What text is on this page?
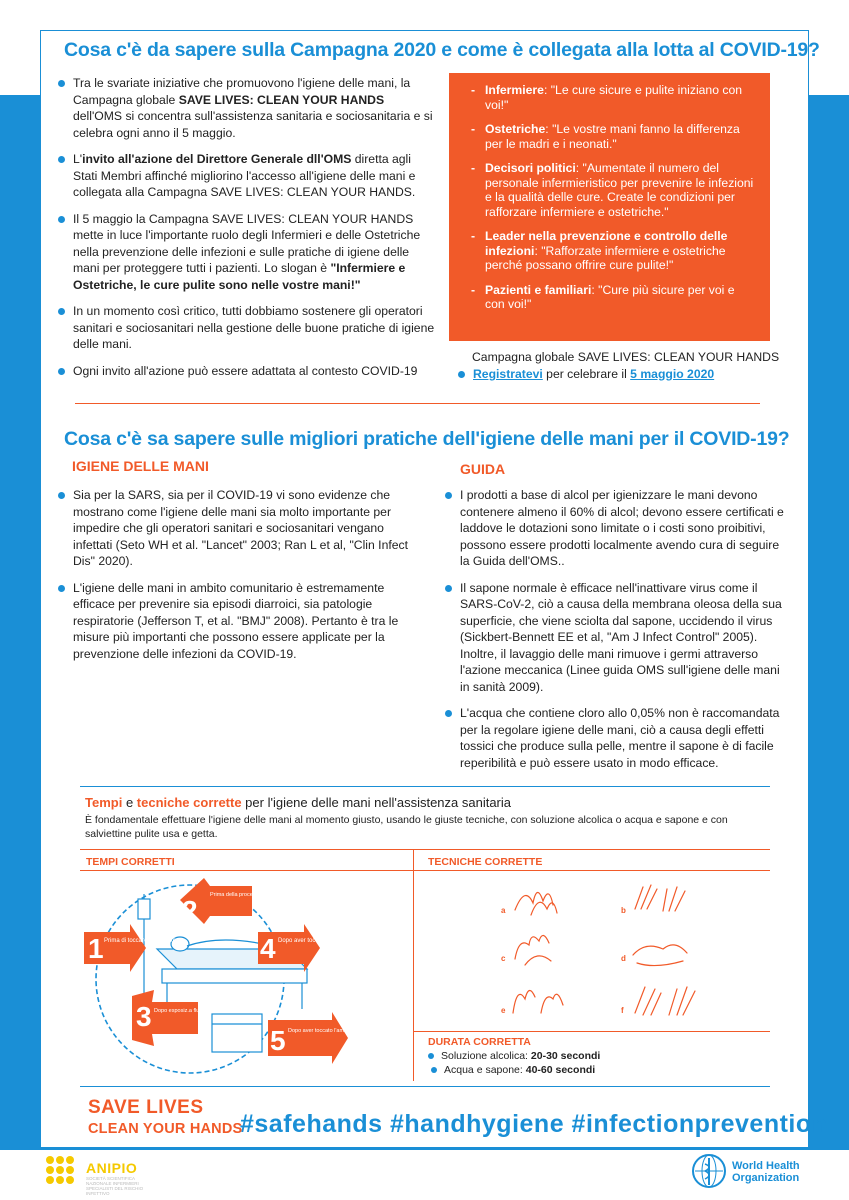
Cosa c'è da sapere sulla Campagna 2020 e come è collegata alla lotta al COVID-19?
Tra le svariate iniziative che promuovono l'igiene delle mani, la Campagna globale SAVE LIVES: CLEAN YOUR HANDS dell'OMS si concentra sull'assistenza sanitaria e sociosanitaria e si celebra ogni anno il 5 maggio.
L'invito all'azione del Direttore Generale dll'OMS diretta agli Stati Membri affinché migliorino l'accesso all'igiene delle mani e collegata alla Campagna SAVE LIVES: CLEAN YOUR HANDS.
Il 5 maggio la Campagna SAVE LIVES: CLEAN YOUR HANDS mette in luce l'importante ruolo degli Infermieri e delle Ostetriche nella prevenzione delle infezioni e sulle pratiche di igiene delle mani per proteggere tutti i pazienti. Lo slogan è "Infermiere e Ostetriche, le cure pulite sono nelle vostre mani!"
In un momento così critico, tutti dobbiamo sostenere gli operatori sanitari e sociosanitari nella gestione delle buone pratiche di igiene delle mani.
Ogni invito all'azione può essere adattata al contesto COVID-19
- Infermiere: "Le cure sicure e pulite iniziano con voi!"
- Ostetriche: "Le vostre mani fanno la differenza per le madri e i neonati."
- Decisori politici: "Aumentate il numero del personale infermieristico per prevenire le infezioni e la qualità delle cure. Create le condizioni per rafforzare infermiere e ostetriche."
- Leader nella prevenzione e controllo delle infezioni: "Rafforzate infermiere e ostetriche perché possano offrire cure pulite!"
- Pazienti e familiari: "Cure più sicure per voi e con voi!"
Campagna globale SAVE LIVES: CLEAN YOUR HANDS
Registratevi per celebrare il 5 maggio 2020
Cosa c'è sa sapere sulle migliori pratiche dell'igiene delle mani per il COVID-19?
IGIENE DELLE MANI	GUIDA
Sia per la SARS, sia per il COVID-19 vi sono evidenze che mostrano come l'igiene delle mani sia molto importante per impedire che gli operatori sanitari e sociosanitari vengano infettati (Seto WH et al. "Lancet" 2003; Ran L et al, "Clin Infect Dis" 2020).
L'igiene delle mani in ambito comunitario è estremamente efficace per prevenire sia episodi diarroici, sia patologie respiratorie (Jefferson T, et al. "BMJ" 2008). Pertanto è tra le misure più importanti che possono essere applicate per la prevenzione delle infezioni da COVID-19.
I prodotti a base di alcol per igienizzare le mani devono contenere almeno il 60% di alcol; devono essere certificati e laddove le dotazioni sono limitate o i costi sono proibitivi, possono essere prodotti localmente avendo cura di seguire la Guida dell'OMS..
Il sapone normale è efficace nell'inattivare virus come il SARS-CoV-2, ciò a causa della membrana oleosa della sua superficie, che viene sciolta dal sapone, uccidendo il virus (Sickbert-Bennett EE et al, "Am J Infect Control" 2005). Inoltre, il lavaggio delle mani rimuove i germi attraverso l'azione meccanica (Linee guida OMS sull'igiene delle mani in sanità 2009).
L'acqua che contiene cloro allo 0,05% non è raccomandata per la regolare igiene delle mani, ciò a causa degli effetti tossici che produce sulla pelle, mentre il sapone è di facile reperibilità e può essere usato in modo efficace.
Tempi e tecniche corrette per l'igiene delle mani nell'assistenza sanitaria
È fondamentale effettuare l'igiene delle mani al momento giusto, usando le giuste tecniche, con soluzione alcolica o acqua e sapone e con salviettine pulite usa e getta.
TEMPI CORRETTI	TECNICHE CORRETTE
1 Prima di toccare il paziente
2 Prima della procedura di pulizia/asettica
3 Dopo esposiz.a fluidi corporei e rischio
4 Dopo aver toccato il paziente
5 Dopo aver toccato l'ambiente del paziente
a	b
c	d
e	f
DURATA CORRETTA
Soluzione alcolica: 20-30 secondi
Acqua e sapone: 40-60 secondi
SAVE LIVES
CLEAN YOUR HANDS
#safehands #handhygiene #infectionprevention
ANIPIO
SOCIETÀ SCIENTIFICA NAZIONALE INFERMIERI SPECIALISTI DEL RISCHIO INFETTIVO
World Health
Organization
